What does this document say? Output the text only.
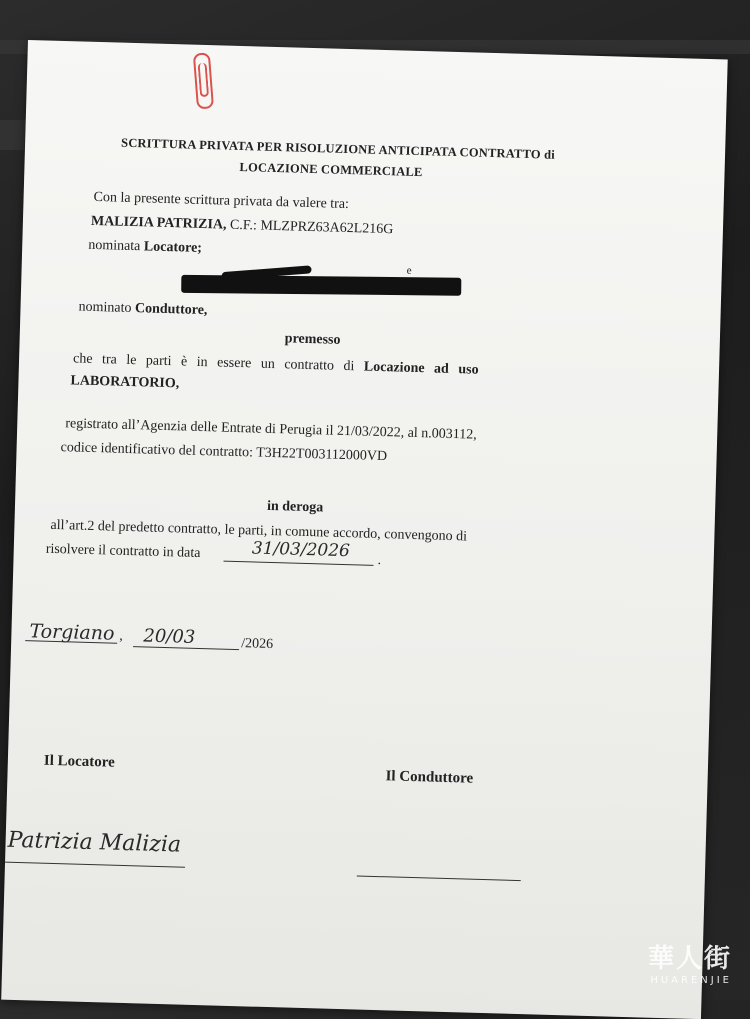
SCRITTURA PRIVATA PER RISOLUZIONE ANTICIPATA CONTRATTO di
LOCAZIONE COMMERCIALE
Con la presente scrittura privata da valere tra:
MALIZIA PATRIZIA, C.F.: MLZPRZ63A62L216G
nominata Locatore;
e
nominato Conduttore,
premesso
che tra le parti è in essere un contratto di Locazione ad uso
LABORATORIO,
registrato all’Agenzia delle Entrate di Perugia il 21/03/2022, al n.003112,
codice identificativo del contratto: T3H22T003112000VD
in deroga
all’art.2 del predetto contratto, le parti, in comune accordo, convengono di
risolvere il contratto in data	31/03/2026 .
Torgiano , 20/03	/2026
Il Locatore
Il Conduttore
Patrizia Malizia
華人街
HUARENJIE
